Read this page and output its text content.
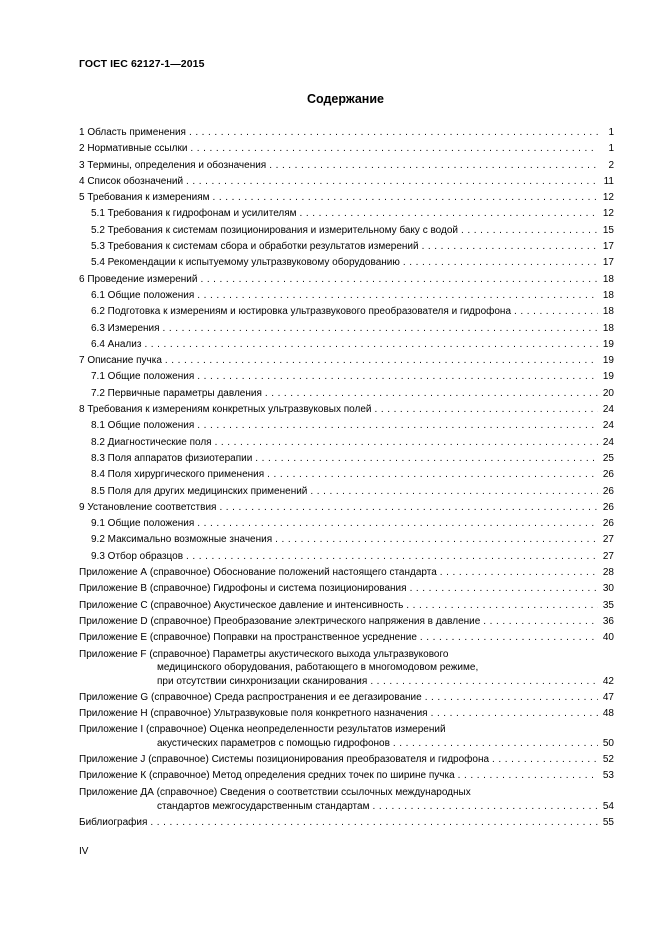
ГОСТ IEC 62127-1—2015
Содержание
1 Область применения . . .	1
2 Нормативные ссылки . . .	1
3 Термины, определения и обозначения . . .	2
4 Список обозначений . . .	11
5 Требования к измерениям . . .	12
5.1 Требования к гидрофонам и усилителям . . .	12
5.2 Требования к системам позиционирования и измерительному баку с водой . . .	15
5.3 Требования к системам сбора и обработки результатов измерений . . .	17
5.4 Рекомендации к испытуемому ультразвуковому оборудованию . . .	17
6 Проведение измерений . . .	18
6.1 Общие положения . . .	18
6.2 Подготовка к измерениям и юстировка ультразвукового преобразователя и гидрофона . . .	18
6.3 Измерения . . .	18
6.4 Анализ . . .	19
7 Описание пучка . . .	19
7.1 Общие положения . . .	19
7.2 Первичные параметры давления . . .	20
8 Требования к измерениям конкретных ультразвуковых полей . . .	24
8.1 Общие положения . . .	24
8.2 Диагностические поля . . .	24
8.3 Поля аппаратов физиотерапии . . .	25
8.4 Поля хирургического применения . . .	26
8.5 Поля для других медицинских применений . . .	26
9 Установление соответствия . . .	26
9.1 Общие положения . . .	26
9.2 Максимально возможные значения . . .	27
9.3 Отбор образцов . . .	27
Приложение А (справочное) Обоснование положений настоящего стандарта . . .	28
Приложение В (справочное) Гидрофоны и система позиционирования . . .	30
Приложение С (справочное) Акустическое давление и интенсивность . . .	35
Приложение D (справочное) Преобразование электрического напряжения в давление . . .	36
Приложение Е (справочное) Поправки на пространственное усреднение . . .	40
Приложение F (справочное) Параметры акустического выхода ультразвукового
медицинского оборудования, работающего в многомодовом режиме,
при отсутствии синхронизации сканирования . . .	42
Приложение G (справочное) Среда распространения и ее дегазирование . . .	47
Приложение Н (справочное) Ультразвуковые поля конкретного назначения . . .	48
Приложение I (справочное) Оценка неопределенности результатов измерений
акустических параметров с помощью гидрофонов . . .	50
Приложение J (справочное) Системы позиционирования преобразователя и гидрофона . . .	52
Приложение К (справочное) Метод определения средних точек по ширине пучка . . .	53
Приложение ДА (справочное) Сведения о соответствии ссылочных международных
стандартов межгосударственным стандартам . . .	54
Библиография . . .	55
IV
